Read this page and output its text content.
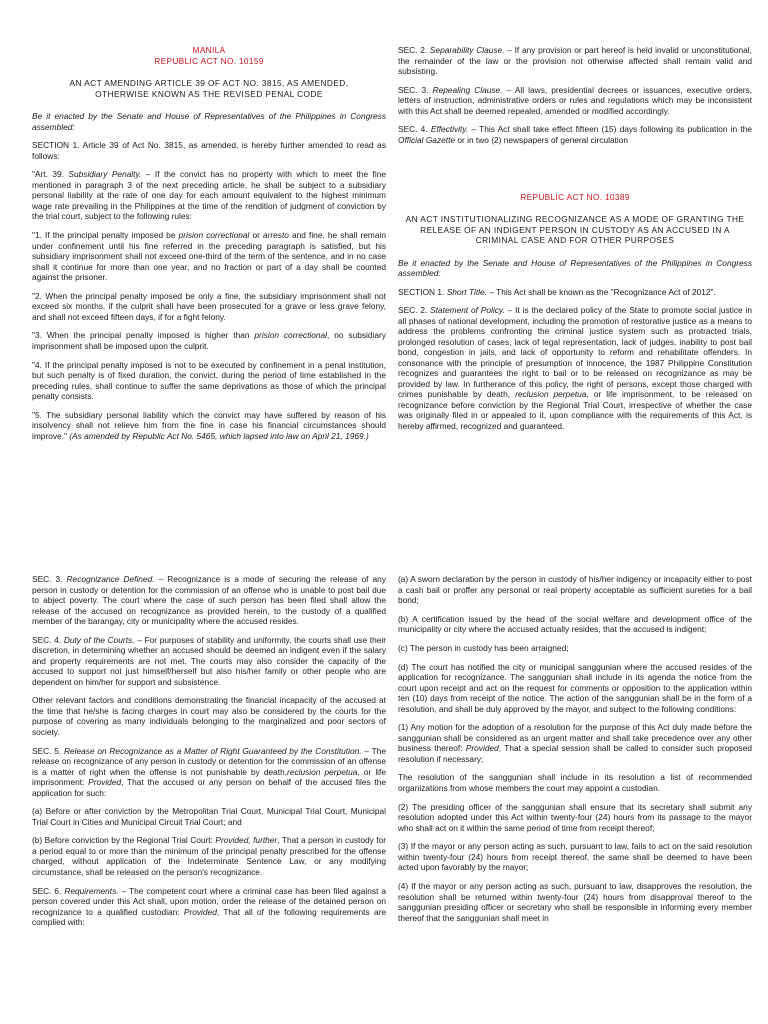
MANILA

REPUBLIC ACT NO. 10159

AN ACT AMENDING ARTICLE 39 OF ACT NO. 3815, AS AMENDED,
OTHERWISE KNOWN AS THE REVISED PENAL CODE

Be it enacted by the Senate and House of Representatives of the Philippines in Congress assembled:

SECTION 1. Article 39 of Act No. 3815, as amended, is hereby further amended to read as follows:

"Art. 39. Subsidiary Penalty. – If the convict has no property with which to meet the fine mentioned in paragraph 3 of the next preceding article, he shall be subject to a subsidiary personal liability at the rate of one day for each amount equivalent to the highest minimum wage rate prevailing in the Philippines at the time of the rendition of judgment of conviction by the trial court, subject to the following rules:

"1. If the principal penalty imposed be prision correctional or arresto and fine, he shall remain under confinement until his fine referred in the preceding paragraph is satisfied, but his subsidiary imprisonment shall not exceed one-third of the term of the sentence, and in no case shall it continue for more than one year, and no fraction or part of a day shall be counted against the prisoner.

"2. When the principal penalty imposed be only a fine, the subsidiary imprisonment shall not exceed six months, if the culprit shall have been prosecuted for a grave or less grave felony, and shall not exceed fifteen days, if for a fight felony.

"3. When the principal penalty imposed is higher than prision correctional, no subsidiary imprisonment shall be imposed upon the culprit.

"4. If the principal penalty imposed is not to be executed by confinement in a penal institution, but such penalty is of fixed duration, the convict, during the period of time established in the preceding rules, shall continue to suffer the same deprivations as those of which the principal penalty consists.

"5. The subsidiary personal liability which the convict may have suffered by reason of his insolvency shall not relieve him from the fine in case his financial circumstances should improve." (As amended by Republic Act No. 5465, which lapsed into law on April 21, 1969.)

SEC. 2. Separability Clause. – If any provision or part hereof is held invalid or unconstitutional, the remainder of the law or the provision not otherwise affected shall remain valid and subsisting.

SEC. 3. Repealing Clause. – All laws, presidential decrees or issuances, executive orders, letters of instruction, administrative orders or rules and regulations which may be inconsistent with this Act shall be deemed repealed, amended or modified accordingly.

SEC. 4. Effectivity. – This Act shall take effect fifteen (15) days following its publication in the Official Gazette or in two (2) newspapers of general circulation

REPUBLIC ACT NO. 10389

AN ACT INSTITUTIONALIZING RECOGNIZANCE AS A MODE OF GRANTING THE RELEASE OF AN INDIGENT PERSON IN CUSTODY AS AN ACCUSED IN A CRIMINAL CASE AND FOR OTHER PURPOSES

Be it enacted by the Senate and House of Representatives of the Philippines in Congress assembled:

SECTION 1. Short Title. – This Act shall be known as the "Recognizance Act of 2012".

SEC. 2. Statement of Policy. – It is the declared policy of the State to promote social justice in all phases of national development, including the promotion of restorative justice as a means to address the problems confronting the criminal justice system such as protracted trials, prolonged resolution of cases, lack of legal representation, lack of judges, inability to post bail bond, congestion in jails, and lack of opportunity to reform and rehabilitate offenders. In consonance with the principle of presumption of innocence, the 1987 Philippine Constitution recognizes and guarantees the right to bail or to be released on recognizance as may be provided by law. In furtherance of this policy, the right of persons, except those charged with crimes punishable by death, reclusion perpetua, or life imprisonment, to be released on recognizance before conviction by the Regional Trial Court, irrespective of whether the case was originally filed in or appealed to it, upon compliance with the requirements of this Act, is hereby affirmed, recognized and guaranteed.

SEC. 3. Recognizance Defined. – Recognizance is a mode of securing the release of any person in custody or detention for the commission of an offense who is unable to post bail due to abject poverty. The court where the case of such person has been filed shall allow the release of the accused on recognizance as provided herein, to the custody of a qualified member of the barangay, city or municipality where the accused resides.

SEC. 4. Duty of the Courts. – For purposes of stability and uniformity, the courts shall use their discretion, in determining whether an accused should be deemed an indigent even if the salary and property requirements are not met. The courts may also consider the capacity of the accused to support not just himself/herself but also his/her family or other people who are dependent on him/her for support and subsistence.

Other relevant factors and conditions demonstrating the financial incapacity of the accused at the time that he/she is facing charges in court may also be considered by the courts for the purpose of covering as many individuals belonging to the marginalized and poor sectors of society.

SEC. 5. Release on Recognizance as a Matter of Right Guaranteed by the Constitution. – The release on recognizance of any person in custody or detention for the commission of an offense is a matter of right when the offense is not punishable by death,reclusion perpetua, or life imprisonment: Provided, That the accused or any person on behalf of the accused files the application for such:

(a) Before or after conviction by the Metropolitan Trial Court, Municipal Trial Court, Municipal Trial Court in Cities and Municipal Circuit Trial Court; and

(b) Before conviction by the Regional Trial Court: Provided, further, That a person in custody for a period equal to or more than the minimum of the principal penalty prescribed for the offense charged, without application of the Indeterminate Sentence Law, or any modifying circumstance, shall be released on the person's recognizance.

SEC. 6. Requirements. – The competent court where a criminal case has been filed against a person covered under this Act shall, upon motion, order the release of the detained person on recognizance to a qualified custodian: Provided, That all of the following requirements are complied with:

(a) A sworn declaration by the person in custody of his/her indigency or incapacity either to post a cash bail or proffer any personal or real property acceptable as sufficient sureties for a bail bond;

(b) A certification issued by the head of the social welfare and development office of the municipality or city where the accused actually resides, that the accused is indigent;

(c) The person in custody has been arraigned;

(d) The court has notified the city or municipal sanggunian where the accused resides of the application for recognizance. The sanggunian shall include in its agenda the notice from the court upon receipt and act on the request for comments or opposition to the application within ten (10) days from receipt of the notice. The action of the sanggunian shall be in the form of a resolution, and shall be duly approved by the mayor, and subject to the following conditions:

(1) Any motion for the adoption of a resolution for the purpose of this Act duly made before the sanggunian shall be considered as an urgent matter and shall take precedence over any other business thereof: Provided, That a special session shall be called to consider such proposed resolution if necessary;

The resolution of the sanggunian shall include in its resolution a list of recommended organizations from whose members the court may appoint a custodian.

(2) The presiding officer of the sanggunian shall ensure that its secretary shall submit any resolution adopted under this Act within twenty-four (24) hours from its passage to the mayor who shall act on it within the same period of time from receipt thereof;

(3) If the mayor or any person acting as such, pursuant to law, fails to act on the said resolution within twenty-four (24) hours from receipt thereof, the same shall be deemed to have been acted upon favorably by the mayor;

(4) If the mayor or any person acting as such, pursuant to law, disapproves the resolution, the resolution shall be returned within twenty-four (24) hours from disapproval thereof to the sanggunian presiding officer or secretary who shall be responsible in informing every member thereof that the sanggunian shall meet in
